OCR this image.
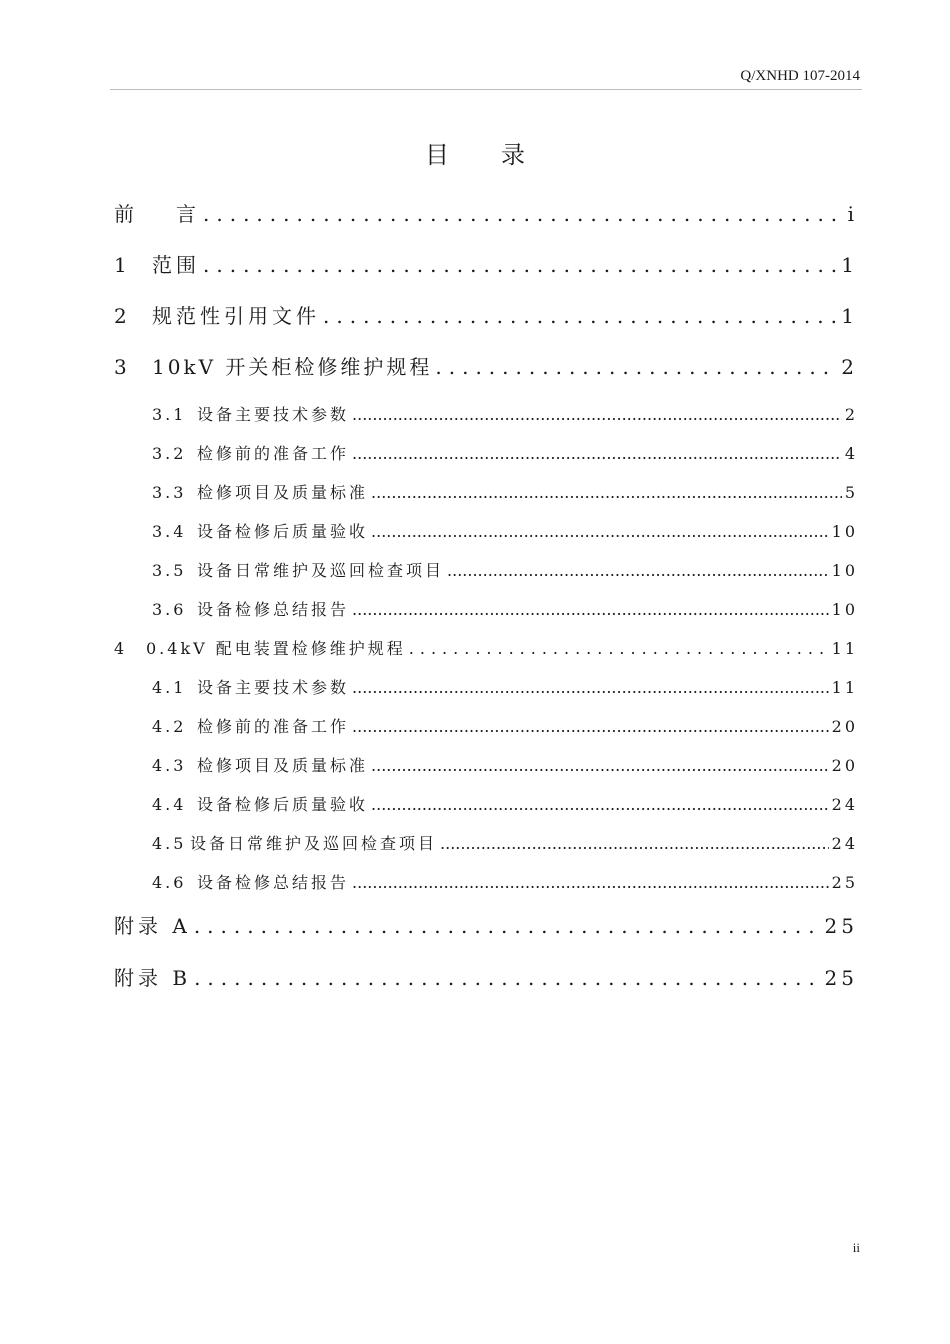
Q/XNHD 107-2014
目 录
前	言 .....	i
1	范围 .....	1
2	规范性引用文件 .....	1
3	10kV 开关柜检修维护规程 .....	2
3.1 设备主要技术参数 .....	2
3.2 检修前的准备工作 .....	4
3.3 检修项目及质量标准 .....	5
3.4 设备检修后质量验收 .....	10
3.5 设备日常维护及巡回检查项目 .....	10
3.6 设备检修总结报告 .....	10
4	0.4kV 配电装置检修维护规程 .....	11
4.1 设备主要技术参数 .....	11
4.2 检修前的准备工作 .....	20
4.3 检修项目及质量标准 .....	20
4.4 设备检修后质量验收 .....	24
4.5 设备日常维护及巡回检查项目 .....	24
4.6 设备检修总结报告 .....	25
附录 A .....	25
附录 B .....	25
ii
